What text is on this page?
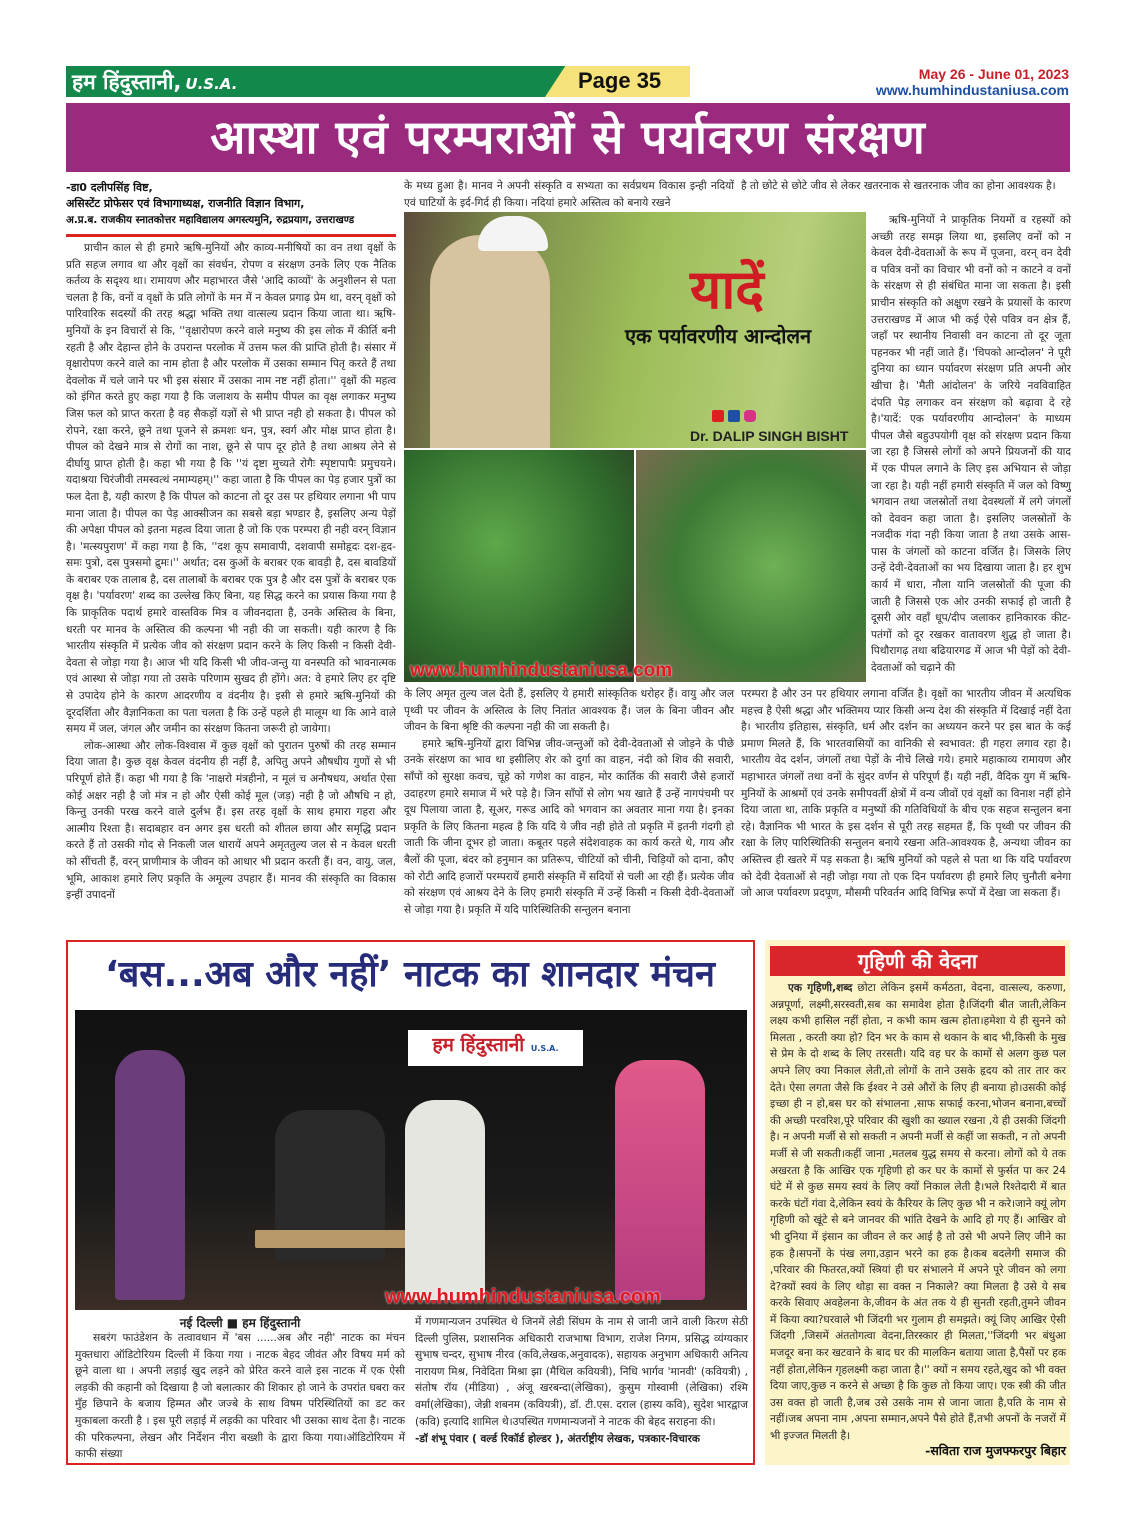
हम हिंदुस्तानी, U.S.A.	Page 35	May 26 - June 01, 2023
www.humhindustaniusa.com
आस्था एवं परम्पराओं से पर्यावरण संरक्षण
-डा0 दलीपसिंह विष्ट,
असिस्टेंट प्रोफेसर एवं विभागाध्यक्ष, राजनीति विज्ञान विभाग,
अ.प्र.ब. राजकीय स्नातकोत्तर महाविद्यालय अगस्त्यमुनि, रुद्रप्रयाग, उत्तराखण्ड

प्राचीन काल से ही हमारे ऋषि-मुनियों और काव्य-मनीषियों का वन तथा वृक्षों के प्रति सहज लगाव था और वृक्षों का संवर्धन, रोपण व संरक्षण उनके लिए एक नैतिक कर्तव्य के सदृश्य था। रामायण और महाभारत जैसे 'आदि काव्यों' के अनुशीलन से पता चलता है कि, वनों व वृक्षों के प्रति लोगों के मन में न केवल प्रगाढ़ प्रेम था, वरन् वृक्षों को पारिवारिक सदस्यों की तरह श्रद्धा भक्ति तथा वात्सल्य प्रदान किया जाता था। ऋषि-मुनियों के इन विचारों से कि, ''वृक्षारोपण करने वाले मनुष्य की इस लोक में कीर्ति बनी रहती है और देहान्त होने के उपरान्त परलोक में उत्तम फल की प्राप्ति होती है। संसार में वृक्षारोपण करने वाले का नाम होता है और परलोक में उसका सम्मान पितृ करते हैं तथा देवलोक में चले जाने पर भी इस संसार में उसका नाम नष्ट नहीं होता।'' वृक्षों की महत्व को इंगित करते हुए कहा गया है कि जलाशय के समीप पीपल का वृक्ष लगाकर मनुष्य जिस फल को प्राप्त करता है वह सैकड़ों यज्ञों से भी प्राप्त नही हो सकता है। पीपल को रोपने, रक्षा करने, छूने तथा पूजने से क्रमशः धन, पुत्र, स्वर्ग और मोक्ष प्राप्त होता है। पीपल को देखने मात्र से रोगों का नाश, छूने से पाप दूर होते है तथा आश्रय लेने से दीर्घायु प्राप्त होती है। कहा भी गया है कि ''यं दृष्टा मुच्यते रोगैः स्पृष्टापापैः प्रमुचयने।यदाश्रया चिरंजीवी तमस्वत्थं नमाम्यहम्।'' कहा जाता है कि पीपल का पेड़ हजार पुत्रों का फल देता है, यही कारण है कि पीपल को काटना तो दूर उस पर हथियार लगाना भी पाप माना जाता है। पीपल का पेड़ आक्सीजन का सबसे बड़ा भण्डार है, इसलिए अन्य पेड़ों की अपेक्षा पीपल को इतना महत्व दिया जाता है जो कि एक परम्परा ही नही वरन् विज्ञान है। 'मत्स्यपुराण' में कहा गया है कि, ''दश कूप समावापी, दशवापी समोहृदः दश-हृद-समः पुत्रो, दस पुत्रसमो द्रुमः।'' अर्थात; दस कुओं के बराबर एक बावड़ी है, दस बावडियों के बराबर एक तालाब है, दस तालाबों के बराबर एक पुत्र है और दस पुत्रों के बराबर एक वृक्ष है। 'पर्यावरण' शब्द का उल्लेख किए बिना, यह सिद्ध करने का प्रयास किया गया है कि प्राकृतिक पदार्थ हमारे वास्तविक मित्र व जीवनदाता है, उनके अस्तित्व के बिना, धरती पर मानव के अस्तित्व की कल्पना भी नही की जा सकती। यही कारण है कि भारतीय संस्कृति में प्रत्येक जीव को संरक्षण प्रदान करने के लिए किसी न किसी देवी-देवता से जोड़ा गया है। आज भी यदि किसी भी जीव-जन्तु या वनस्पति को भावनात्मक एवं आस्था से जोड़ा गया तो उसके परिणाम सुखद ही होंगे। अत: वे हमारे लिए हर दृष्टि से उपादेय होने के कारण आदरणीय व वंदनीय है। इसी से हमारे ऋषि-मुनियों की दूरदर्शिता और वैज्ञानिकता का पता चलता है कि उन्हें पहले ही मालूम था कि आने वाले समय में जल, जंगल और जमीन का संरक्षण कितना जरूरी हो जायेगा।

लोक-आस्था और लोक-विश्वास में कुछ वृक्षों को पुरातन पुरुषों की तरह सम्मान दिया जाता है। कुछ वृक्ष केवल वंदनीय ही नहीं है, अपितु अपने औषधीय गुणों से भी परिपूर्ण होते हैं। कहा भी गया है कि 'नाक्षरो मंत्रहीनो, न मूलं च अनौषधय, अर्थात ऐसा कोई अक्षर नही है जो मंत्र न हो और ऐसी कोई मूल (जड़) नही है जो औषधि न हो, किन्तु उनकी परख करने वाले दुर्लभ हैं। इस तरह वृक्षों के साथ हमारा गहरा और आत्मीय रिश्ता है। सदाबहार वन अगर इस धरती को शीतल छाया और समृद्धि प्रदान करते हैं तो उसकी गोद से निकली जल धारायें अपने अमृततुल्य जल से न केवल धरती को सींचती हैं, वरन् प्राणीमात्र के जीवन को आधार भी प्रदान करती हैं। वन, वायु, जल, भूमि, आकाश हमारे लिए प्रकृति के अमूल्य उपहार हैं। मानव की संस्कृति का विकास इन्हीं उपादनों

के मध्य हुआ है। मानव ने अपनी संस्कृति व सभ्यता का सर्वप्रथम विकास इन्ही नदियों एवं घाटियों के इर्द-गिर्द ही किया। नदियां हमारे अस्तित्व को बनाये रखने
है तो छोटे से छोटे जीव से लेकर खतरनाक से खतरनाक जीव का होना आवश्यक है।
यादें
एक पर्यावरणीय आन्दोलन
Dr. DALIP SINGH BISHT
www.humhindustaniusa.com

ऋषि-मुनियों ने प्राकृतिक नियमों व रहस्यों को अच्छी तरह समझ लिया था, इसलिए वनों को न केवल देवी-देवताओं के रूप में पूजना, वरन् वन देवी व पवित्र वनों का विचार भी वनों को न काटने व वनों के संरक्षण से ही संबंधित माना जा सकता है। इसी प्राचीन संस्कृति को अक्षुण रखने के प्रयासों के कारण उत्तराखण्ड में आज भी कई ऐसे पवित्र वन क्षेत्र हैं, जहाँ पर स्थानीय निवासी वन काटना तो दूर जूता पहनकर भी नहीं जाते हैं। 'चिपको आन्दोलन' ने पूरी दुनिया का ध्यान पर्यावरण संरक्षण प्रति अपनी ओर खीचा है। 'मैती आंदोलन' के जरिये नवविवाहित दंपति पेड़ लगाकर वन संरक्षण को बढ़ावा दे रहे है।'यादें: एक पर्यावरणीय आन्दोलन' के माध्यम पीपल जैसे बहुउपयोगी वृक्ष को संरक्षण प्रदान किया जा रहा है जिससे लोगों को अपने प्रियजनों की याद में एक पीपल लगाने के लिए इस अभियान से जोड़ा जा रहा है। यही नहीं हमारी संस्कृति में जल को विष्णु भगवान तथा जलस्रोतों तथा देवस्थलों में लगे जंगलों को देववन कहा जाता है। इसलिए जलस्रोतों के नजदीक गंदा नही किया जाता है तथा उसके आस-पास के जंगलों को काटना वर्जित है। जिसके लिए उन्हें देवी-देवताओं का भय दिखाया जाता है। हर शुभ कार्य में धारा, नौला यानि जलस्रोतों की पूजा की जाती है जिससे एक ओर उनकी सफाई हो जाती है दूसरी ओर वहाँ धूप/दीप जलाकर हानिकारक कीट-पतंगों को दूर रखकर वातावरण शुद्ध हो जाता है। पिथौरागढ़ तथा बढियारगढ में आज भी पेड़ों को देवी-देवताओं को चढ़ाने की

के लिए अमृत तुल्य जल देती हैं, इसलिए ये हमारी सांस्कृतिक धरोहर हैं। वायु और जल पृथ्वी पर जीवन के अस्तित्व के लिए नितांत आवश्यक हैं। जल के बिना जीवन और जीवन के बिना श्रृष्टि की कल्पना नही की जा सकती है।

हमारे ऋषि-मुनियों द्वारा विभिन्न जीव-जन्तुओं को देवी-देवताओं से जोड़ने के पीछे उनके संरक्षण का भाव था इसीलिए शेर को दुर्गा का वाहन, नंदी को शिव की सवारी, साँपों को सुरक्षा कवच, चूहे को गणेश का वाहन, मोर कार्तिक की सवारी जैसे हजारों उदाहरण हमारे समाज में भरे पड़े है। जिन साँपों से लोग भय खाते हैं उन्हें नागपंचमी पर दूध पिलाया जाता है, सूअर, गरूड आदि को भगवान का अवतार माना गया है। इनका प्रकृति के लिए कितना महत्व है कि यदि ये जीव नही होते तो प्रकृति में इतनी गंदगी हो जाती कि जीना दूभर हो जाता। कबूतर पहले संदेशवाहक का कार्य करते थे, गाय और बैलों की पूजा, बंदर को हनुमान का प्रतिरूप, चीटियों को चीनी, चिड़ियों को दाना, कौए को रोटी आदि हजारों परम्परायें हमारी संस्कृति में सदियों से चली आ रही हैं। प्रत्येक जीव को संरक्षण एवं आश्रय देने के लिए हमारी संस्कृति में उन्हें किसी न किसी देवी-देवताओं से जोड़ा गया है। प्रकृति में यदि पारिस्थितिकी सन्तुलन बनाना

परम्परा है और उन पर हथियार लगाना वर्जित है। वृक्षों का भारतीय जीवन में अत्यधिक महत्त्व है ऐसी श्रद्धा और भक्तिमय प्यार किसी अन्य देश की संस्कृति में दिखाई नहीं देता है। भारतीय इतिहास, संस्कृति, धर्म और दर्शन का अध्ययन करने पर इस बात के कई प्रमाण मिलते हैं, कि भारतवासियों का वानिकी से स्वभावत: ही गहरा लगाव रहा है। भारतीय वेद दर्शन, जंगलों तथा पेड़ों के नीचे लिखे गये। हमारे महाकाव्य रामायण और महाभारत जंगलों तथा वनों के सुंदर वर्णन से परिपूर्ण हैं। यही नहीं, वैदिक युग में ऋषि-मुनियों के आश्रमों एवं उनके समीपवर्ती क्षेत्रों में वन्य जीवों एवं वृक्षों का विनाश नहीं होने दिया जाता था, ताकि प्रकृति व मनुष्यों की गतिविधियों के बीच एक सहज सन्तुलन बना रहे। वैज्ञानिक भी भारत के इस दर्शन से पूरी तरह सहमत हैं, कि पृथ्वी पर जीवन की रक्षा के लिए पारिस्थितिकी सन्तुलन बनाये रखना अति-आवश्यक है, अन्यथा जीवन का अस्तित्त्व ही खतरे में पड़ सकता है। ऋषि मुनियों को पहले से पता था कि यदि पर्यावरण को देवी देवताओं से नही जोड़ा गया तो एक दिन पर्यावरण ही हमारे लिए चुनौती बनेगा जो आज पर्यावरण प्रदपूण, मौसमी परिवर्तन आदि विभिन्न रूपों में देखा जा सकता हैं।
‘बस...अब और नहीं’ नाटक का शानदार मंचन
हम हिंदुस्तानी U.S.A.
www.humhindustaniusa.com
नई दिल्ली ■ हम हिंदुस्तानी

सबरंग फाउंडेशन के तत्वावधान में 'बस ......अब और नही' नाटक का मंचन मुक्तधारा ऑडिटोरियम दिल्ली में किया गया । नाटक बेहद जीवंत और विषय मर्म को छूने वाला था । अपनी लड़ाई खुद लड़ने को प्रेरित करने वाले इस नाटक में एक ऐसी लड़की की कहानी को दिखाया है जो बलात्कार की शिकार हो जाने के उपरांत घबरा कर मुँह छिपाने के बजाय हिम्मत और जज्बे के साथ विषम परिस्थितियों का डट कर मुकाबला करती है । इस पूरी लड़ाई में लड़की का परिवार भी उसका साथ देता है। नाटक की परिकल्पना, लेखन और निर्देशन नीरा बख्शी के द्वारा किया गया।ऑडिटोरियम में काफी संख्या

में गणमान्यजन उपस्थित थे जिनमें लेडी सिंघम के नाम से जानी जाने वाली किरण सेठी दिल्ली पुलिस, प्रशासनिक अधिकारी राजभाषा विभाग, राजेश निगम, प्रसिद्ध व्यंग्यकार सुभाष चन्दर, सुभाष नीरव (कवि,लेखक,अनुवादक), सहायक अनुभाग अधिकारी अनित्य नारायण मिश्र, निवेदिता मिश्रा झा (मैथिल कवियत्री), निधि भार्गव 'मानवी' (कवियत्री) , संतोष रॉय (मीडिया) , अंजू खरबन्दा(लेखिका), कुसुम गोस्वामी (लेखिका) रश्मि वर्मा(लेखिका), जेन्नी शबनम (कवियत्री), डॉ. टी.एस. दराल (हास्य कवि), सुदेश भारद्वाज (कवि) इत्यादि शामिल थे।उपस्थित गणमान्यजनों ने नाटक की बेहद सराहना की।
-डॉ शंभू पंवार ( वर्ल्ड रिकॉर्ड होल्डर ), अंतर्राष्ट्रीय लेखक, पत्रकार-विचारक
गृहिणी की वेदना

एक गृहिणी,शब्द छोटा लेकिन इसमें कर्मठता, वेदना, वात्सल्य, करुणा, अन्नपूर्णा, लक्ष्मी,सरस्वती,सब का समावेश होता है।जिंदगी बीत जाती,लेकिन लक्ष्य कभी हासिल नहीं होता, न कभी काम खत्म होता।हमेशा ये ही सुनने को मिलता , करती क्या हो? दिन भर के काम से थकान के बाद भी,किसी के मुख से प्रेम के दो शब्द के लिए तरसती। यदि वह घर के कामों से अलग कुछ पल अपने लिए क्या निकाल लेती,तो लोगों के ताने उसके हृदय को तार तार कर देते। ऐसा लगता जैसे कि ईश्वर ने उसे औरों के लिए ही बनाया हो।उसकी कोई इच्छा ही न हो,बस घर को संभालना ,साफ सफाई करना,भोजन बनाना,बच्चों की अच्छी परवरिश,पूरे परिवार की खुशी का ख्याल रखना ,ये ही उसकी जिंदगी है। न अपनी मर्जी से सो सकती न अपनी मर्जी से कहीं जा सकती, न तो अपनी मर्जी से जी सकती।कहीं जाना ,मतलब युद्ध समय से करना। लोगों को ये तक अखरता है कि आखिर एक गृहिणी हो कर घर के कामों से फुर्सत पा कर 24 घंटे में से कुछ समय स्वयं के लिए क्यों निकाल लेती है।भले रिश्तेदारी में बात करके घंटों गंवा दे,लेकिन स्वयं के कैरियर के लिए कुछ भी न करे।जाने क्यूं लोग गृहिणी को खूंटे से बने जानवर की भांति देखने के आदि हो गए हैं। आखिर वो भी दुनिया में इंसान का जीवन ले कर आई है तो उसे भी अपने लिए जीने का हक है।सपनों के पंख लगा,उड़ान भरने का हक है।कब बदलेगी समाज की ,परिवार की फितरत,क्यों स्त्रियां ही घर संभालने में अपने पूरे जीवन को लगा दे?क्यों स्वयं के लिए थोड़ा सा वक्त न निकाले? क्या मिलता है उसे ये सब करके सिवाए अवहेलना के,जीवन के अंत तक ये ही सुनती रहती,तुमने जीवन में किया क्या?घरवाले भी जिंदगी भर गुलाम ही समझते। क्यूं जिए आखिर ऐसी जिंदगी ,जिसमें अंततोगत्वा वेदना,तिरस्कार ही मिलता,''जिंदगी भर बंधुआ मजदूर बना कर खटवाने के बाद घर की मालकिन बताया जाता है,पैसों पर हक नहीं होता,लेकिन गृहलक्ष्मी कहा जाता है।'' क्यों न समय रहते,खुद को भी वक्त दिया जाए,कुछ न करने से अच्छा है कि कुछ तो किया जाए। एक स्त्री की जीत उस वक्त हो जाती है,जब उसे उसके नाम से जाना जाता है,पति के नाम से नहीं।जब अपना नाम ,अपना सम्मान,अपने पैसे होते हैं,तभी अपनों के नजरों में भी इज्जत मिलती है।

-सविता राज मुजफ्फरपुर बिहार
